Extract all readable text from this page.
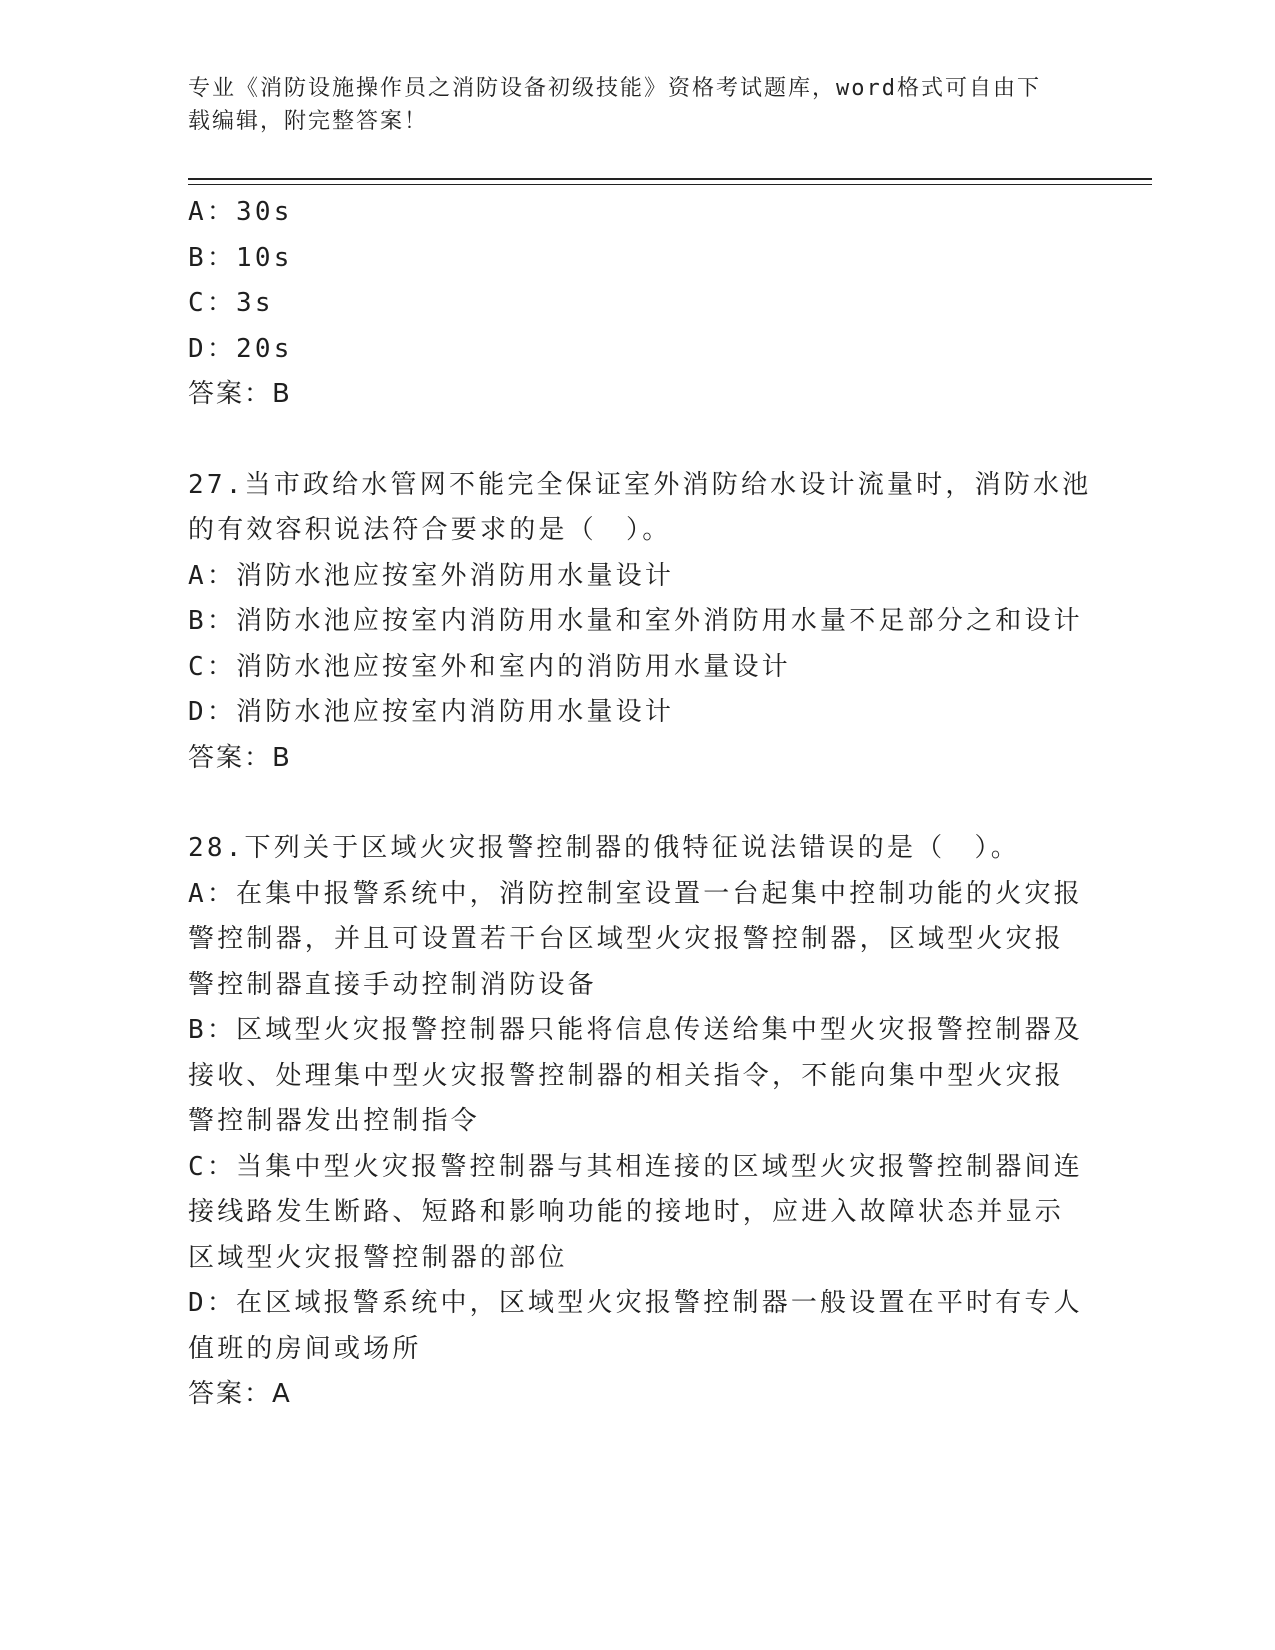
专业《消防设施操作员之消防设备初级技能》资格考试题库，word格式可自由下
载编辑，附完整答案！
A：30s
B：10s
C：3s
D：20s
答案：B
27.当市政给水管网不能完全保证室外消防给水设计流量时，消防水池
的有效容积说法符合要求的是（　）。
A：消防水池应按室外消防用水量设计
B：消防水池应按室内消防用水量和室外消防用水量不足部分之和设计
C：消防水池应按室外和室内的消防用水量设计
D：消防水池应按室内消防用水量设计
答案：B
28.下列关于区域火灾报警控制器的俄特征说法错误的是（　）。
A：在集中报警系统中，消防控制室设置一台起集中控制功能的火灾报
警控制器，并且可设置若干台区域型火灾报警控制器，区域型火灾报
警控制器直接手动控制消防设备
B：区域型火灾报警控制器只能将信息传送给集中型火灾报警控制器及
接收、处理集中型火灾报警控制器的相关指令，不能向集中型火灾报
警控制器发出控制指令
C：当集中型火灾报警控制器与其相连接的区域型火灾报警控制器间连
接线路发生断路、短路和影响功能的接地时，应进入故障状态并显示
区域型火灾报警控制器的部位
D：在区域报警系统中，区域型火灾报警控制器一般设置在平时有专人
值班的房间或场所
答案：A
